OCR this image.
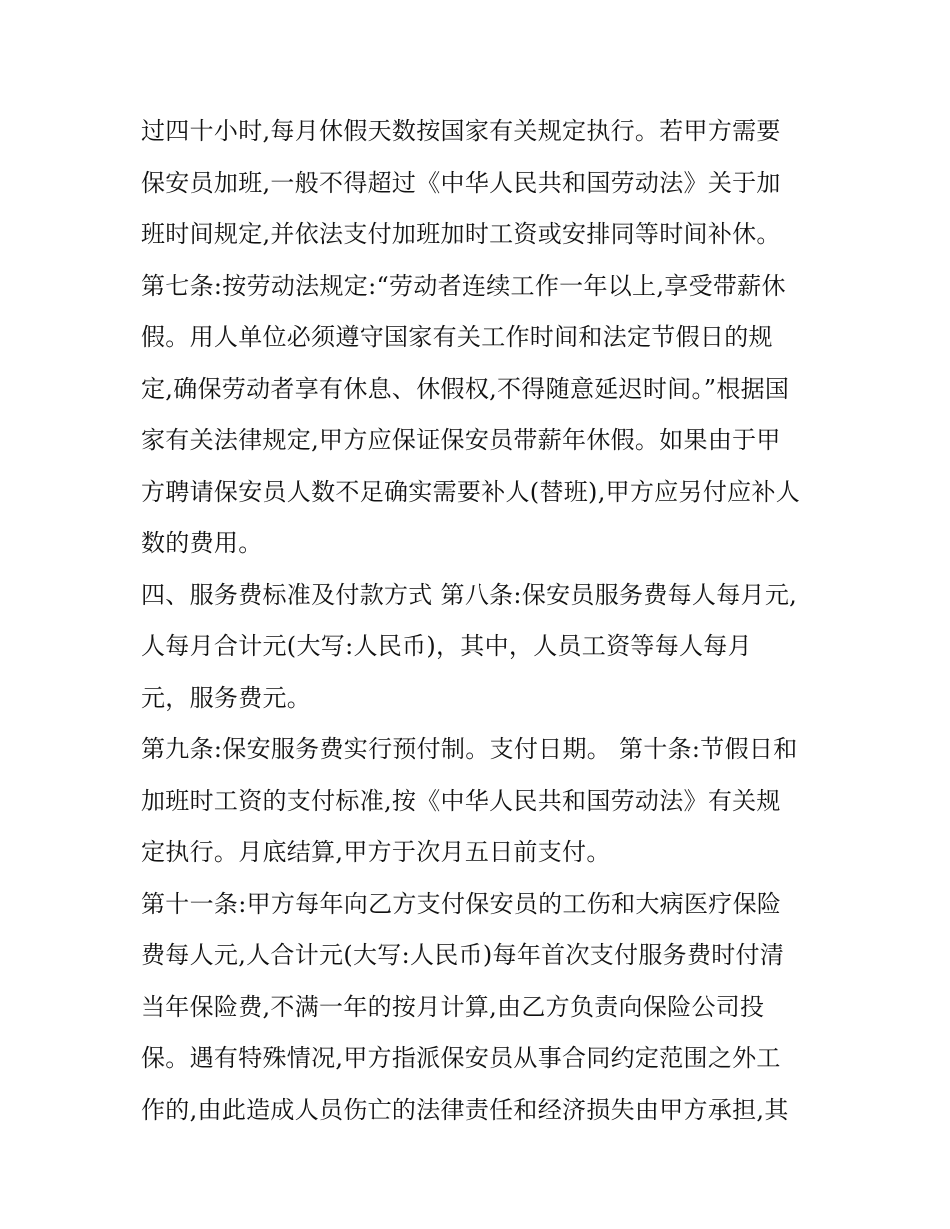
过四十小时,每月休假天数按国家有关规定执行。若甲方需要
保安员加班,一般不得超过《中华人民共和国劳动法》关于加
班时间规定,并依法支付加班加时工资或安排同等时间补休。
第七条:按劳动法规定:“劳动者连续工作一年以上,享受带薪休
假。用人单位必须遵守国家有关工作时间和法定节假日的规
定,确保劳动者享有休息、休假权,不得随意延迟时间。”根据国
家有关法律规定,甲方应保证保安员带薪年休假。如果由于甲
方聘请保安员人数不足确实需要补人(替班),甲方应另付应补人
数的费用。
四、服务费标准及付款方式 第八条:保安员服务费每人每月元,
人每月合计元(大写:人民币)，其中，人员工资等每人每月
元，服务费元。
第九条:保安服务费实行预付制。支付日期。 第十条:节假日和
加班时工资的支付标准,按《中华人民共和国劳动法》有关规
定执行。月底结算,甲方于次月五日前支付。
第十一条:甲方每年向乙方支付保安员的工伤和大病医疗保险
费每人元,人合计元(大写:人民币)每年首次支付服务费时付清
当年保险费,不满一年的按月计算,由乙方负责向保险公司投
保。遇有特殊情况,甲方指派保安员从事合同约定范围之外工
作的,由此造成人员伤亡的法律责任和经济损失由甲方承担,其
